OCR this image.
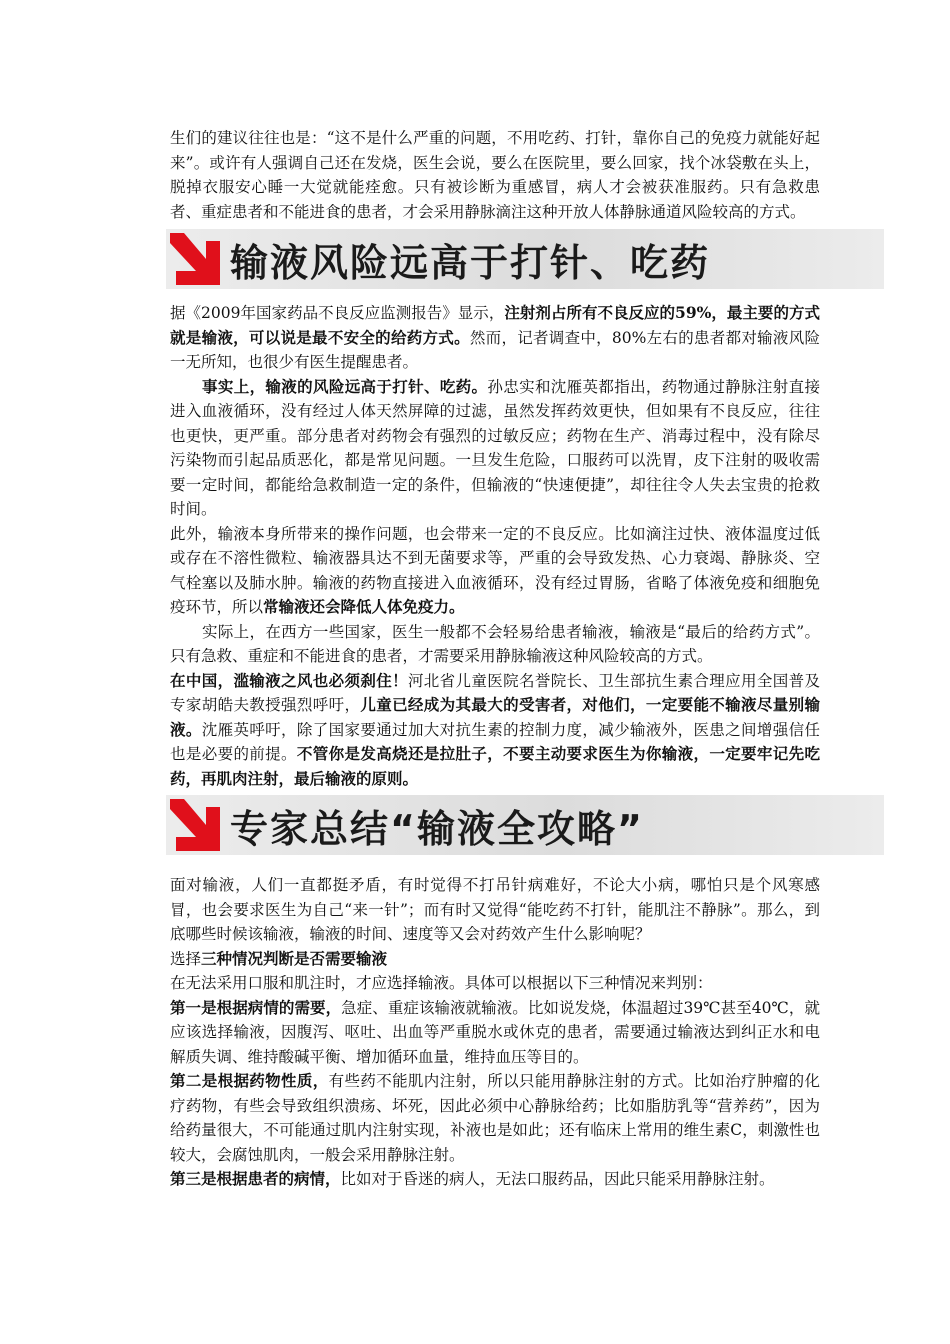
生们的建议往往也是：“这不是什么严重的问题，不用吃药、打针，靠你自己的免疫力就能好起来”。或许有人强调自己还在发烧，医生会说，要么在医院里，要么回家，找个冰袋敷在头上，脱掉衣服安心睡一大觉就能痊愈。只有被诊断为重感冒，病人才会被获准服药。只有急救患者、重症患者和不能进食的患者，才会采用静脉滴注这种开放人体静脉通道风险较高的方式。

输液风险远高于打针、吃药

据《2009年国家药品不良反应监测报告》显示，注射剂占所有不良反应的59%，最主要的方式就是输液，可以说是最不安全的给药方式。然而，记者调查中，80%左右的患者都对输液风险一无所知，也很少有医生提醒患者。

事实上，输液的风险远高于打针、吃药。孙忠实和沈雁英都指出，药物通过静脉注射直接进入血液循环，没有经过人体天然屏障的过滤，虽然发挥药效更快，但如果有不良反应，往往也更快，更严重。部分患者对药物会有强烈的过敏反应；药物在生产、消毒过程中，没有除尽污染物而引起品质恶化，都是常见问题。一旦发生危险，口服药可以洗胃，皮下注射的吸收需要一定时间，都能给急救制造一定的条件，但输液的“快速便捷”，却往往令人失去宝贵的抢救时间。

此外，输液本身所带来的操作问题，也会带来一定的不良反应。比如滴注过快、液体温度过低或存在不溶性微粒、输液器具达不到无菌要求等，严重的会导致发热、心力衰竭、静脉炎、空气栓塞以及肺水肿。输液的药物直接进入血液循环，没有经过胃肠，省略了体液免疫和细胞免疫环节，所以常输液还会降低人体免疫力。

实际上，在西方一些国家，医生一般都不会轻易给患者输液，输液是“最后的给药方式”。只有急救、重症和不能进食的患者，才需要采用静脉输液这种风险较高的方式。

在中国，滥输液之风也必须刹住！河北省儿童医院名誉院长、卫生部抗生素合理应用全国普及专家胡皓夫教授强烈呼吁，儿童已经成为其最大的受害者，对他们，一定要能不输液尽量别输液。沈雁英呼吁，除了国家要通过加大对抗生素的控制力度，减少输液外，医患之间增强信任也是必要的前提。不管你是发高烧还是拉肚子，不要主动要求医生为你输液，一定要牢记先吃药，再肌肉注射，最后输液的原则。

专家总结“输液全攻略”

面对输液，人们一直都挺矛盾，有时觉得不打吊针病难好，不论大小病，哪怕只是个风寒感冒，也会要求医生为自己“来一针”；而有时又觉得“能吃药不打针，能肌注不静脉”。那么，到底哪些时候该输液，输液的时间、速度等又会对药效产生什么影响呢？

选择三种情况判断是否需要输液

在无法采用口服和肌注时，才应选择输液。具体可以根据以下三种情况来判别：

第一是根据病情的需要，急症、重症该输液就输液。比如说发烧，体温超过39℃甚至40℃，就应该选择输液，因腹泻、呕吐、出血等严重脱水或休克的患者，需要通过输液达到纠正水和电解质失调、维持酸碱平衡、增加循环血量，维持血压等目的。

第二是根据药物性质，有些药不能肌内注射，所以只能用静脉注射的方式。比如治疗肿瘤的化疗药物，有些会导致组织溃疡、坏死，因此必须中心静脉给药；比如脂肪乳等“营养药”，因为给药量很大，不可能通过肌内注射实现，补液也是如此；还有临床上常用的维生素C，刺激性也较大，会腐蚀肌肉，一般会采用静脉注射。

第三是根据患者的病情，比如对于昏迷的病人，无法口服药品，因此只能采用静脉注射。
